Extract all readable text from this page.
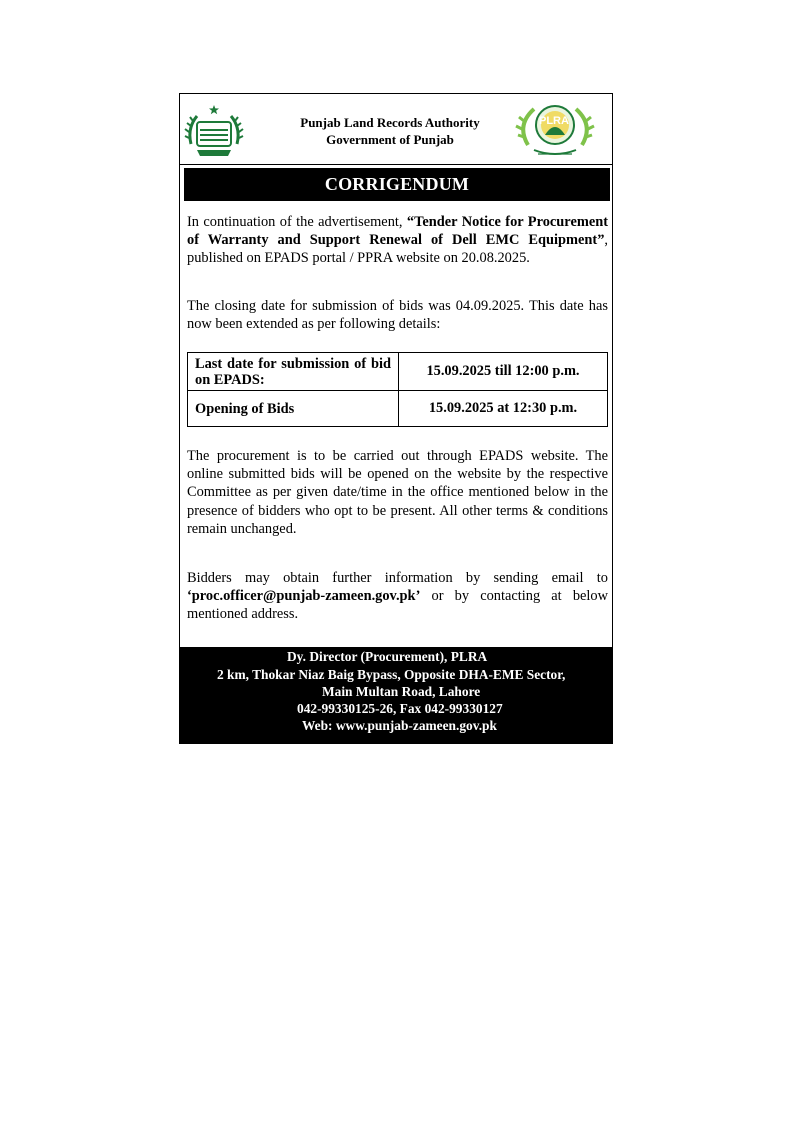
Punjab Land Records Authority
Government of Punjab
PLRA
CORRIGENDUM
In continuation of the advertisement, “Tender Notice for Procurement of Warranty and Support Renewal of Dell EMC Equipment”, published on EPADS portal / PPRA website on 20.08.2025.
The closing date for submission of bids was 04.09.2025. This date has now been extended as per following details:
Last date for submission of bid on EPADS:	15.09.2025 till 12:00 p.m.
Opening of Bids	15.09.2025 at 12:30 p.m.
The procurement is to be carried out through EPADS website. The online submitted bids will be opened on the website by the respective Committee as per given date/time in the office mentioned below in the presence of bidders who opt to be present. All other terms & conditions remain unchanged.
Bidders may obtain further information by sending email to ‘proc.officer@punjab-zameen.gov.pk’ or by contacting at below mentioned address.
Dy. Director (Procurement), PLRA
2 km, Thokar Niaz Baig Bypass, Opposite DHA-EME Sector,
Main Multan Road, Lahore
042-99330125-26, Fax 042-99330127
Web: www.punjab-zameen.gov.pk
